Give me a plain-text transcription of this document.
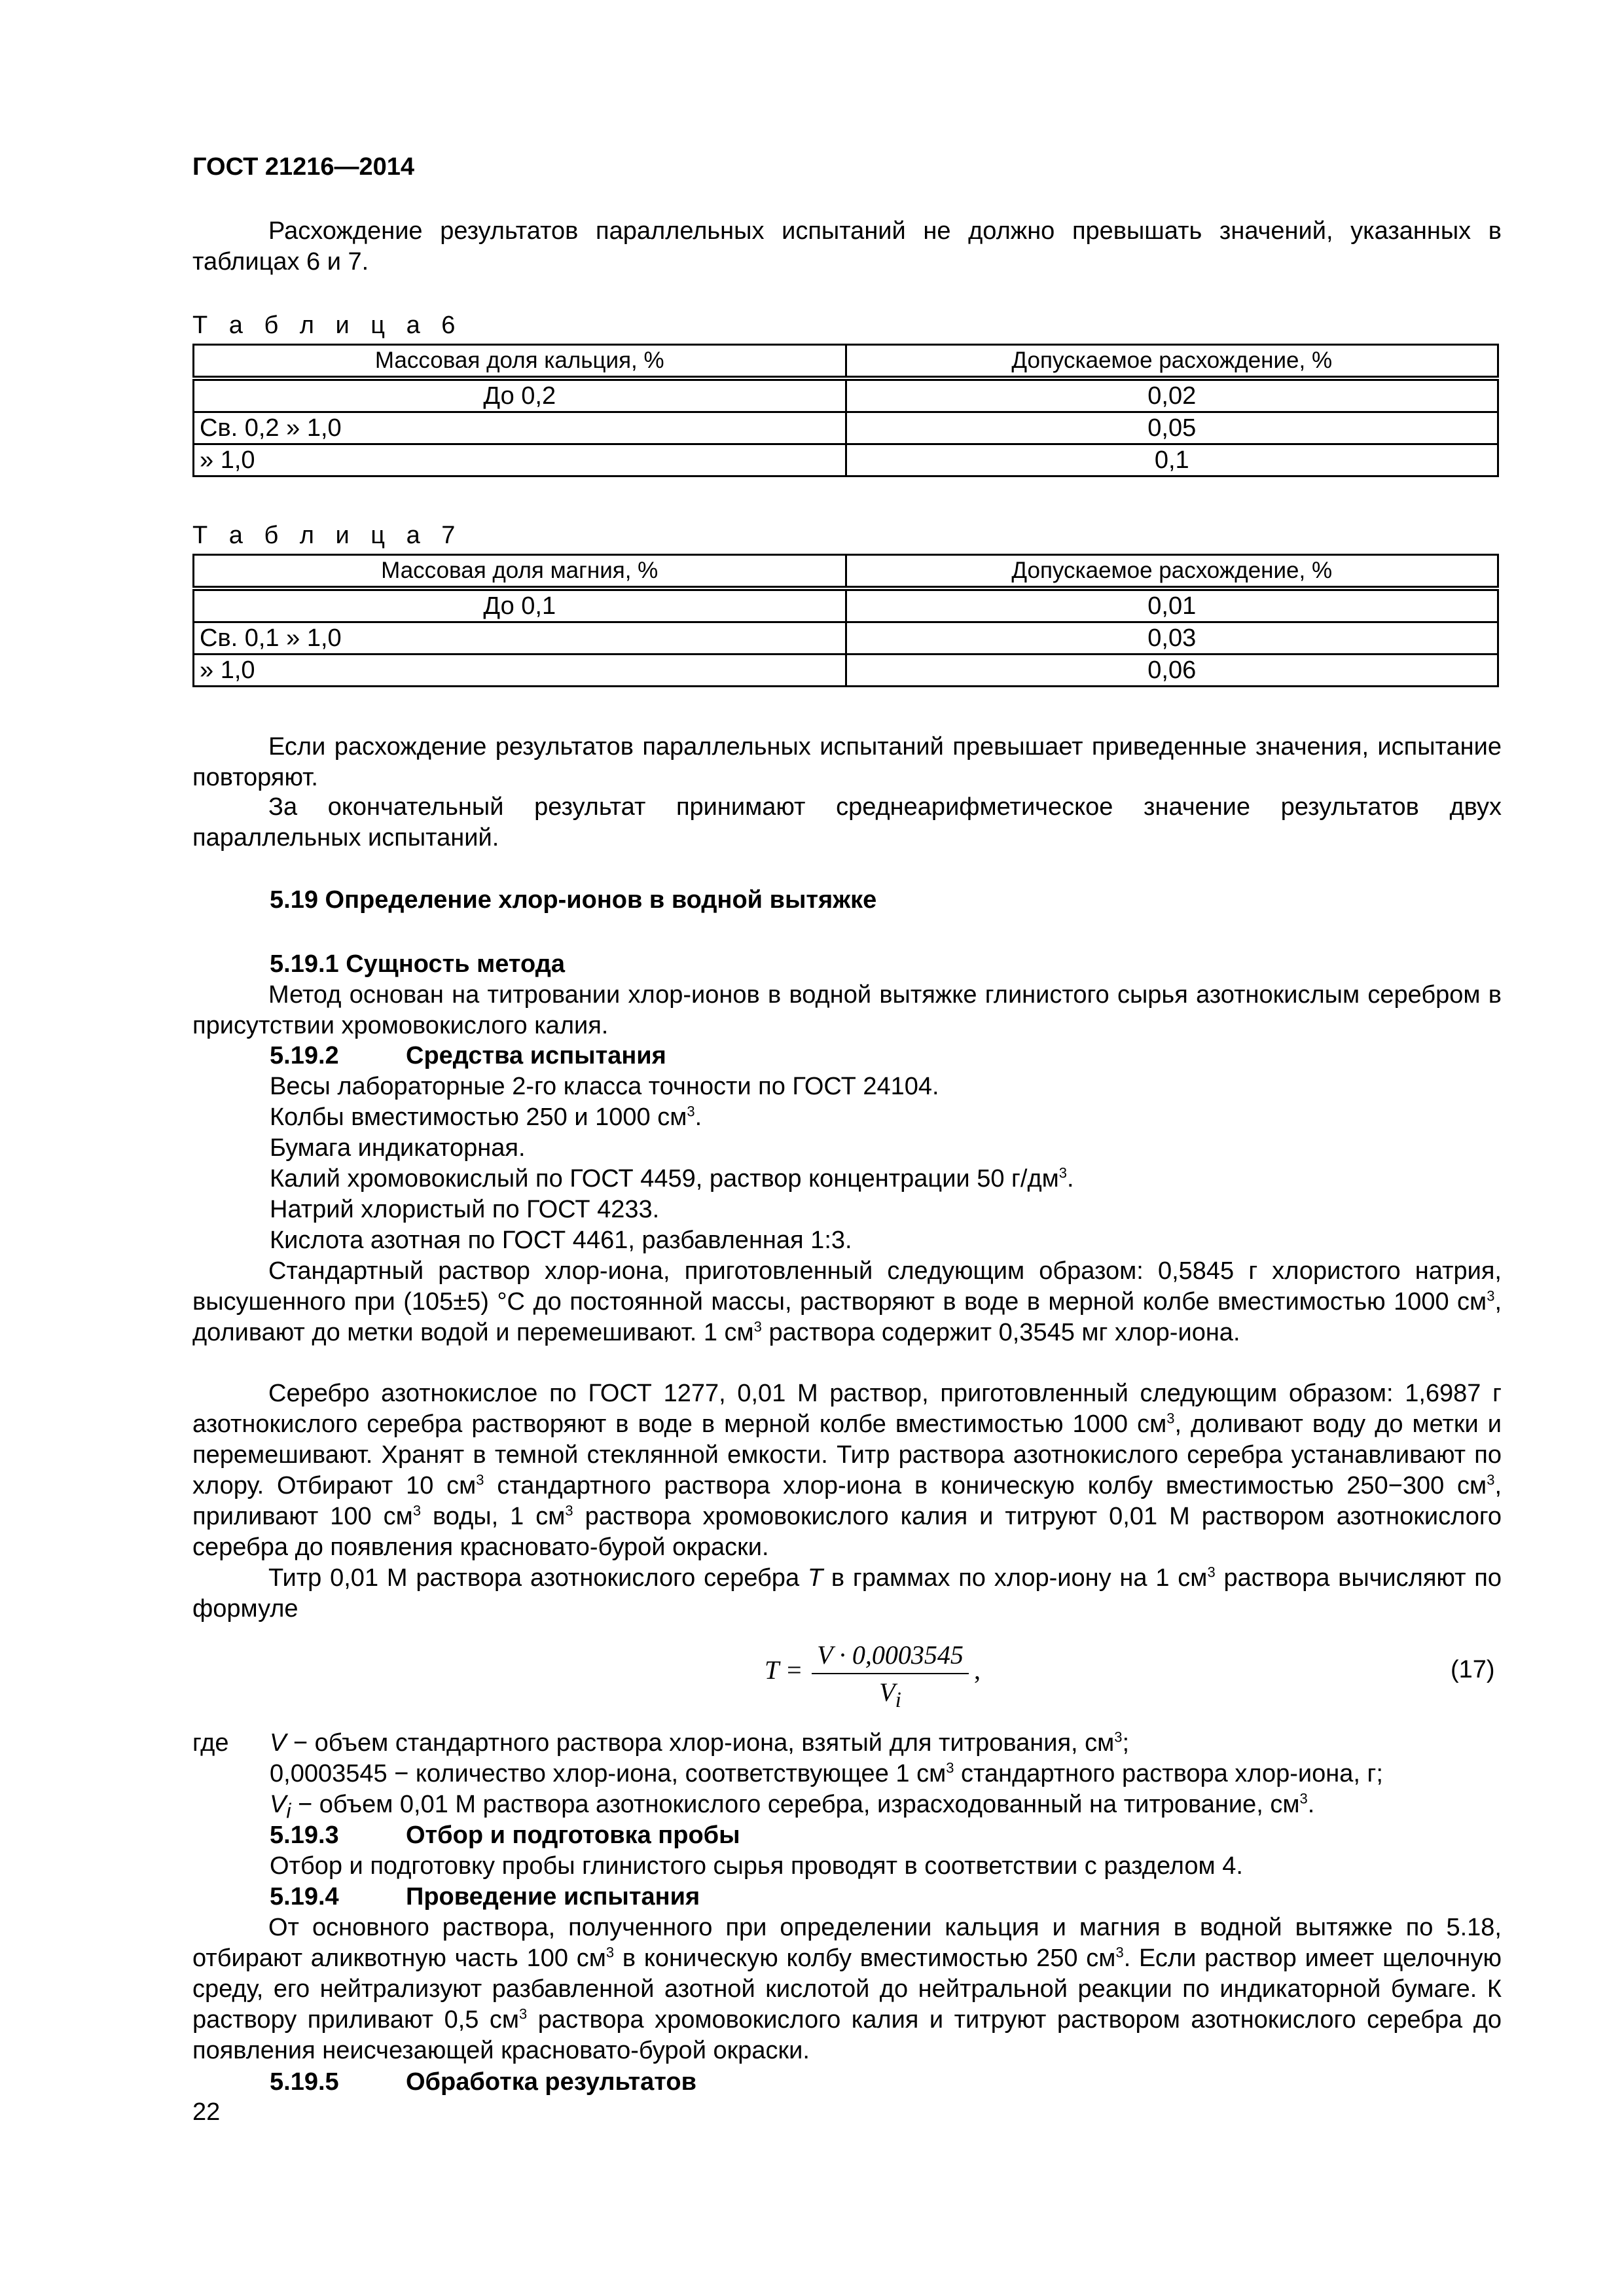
ГОСТ 21216—2014
Расхождение результатов параллельных испытаний не должно превышать значений, указанных в таблицах 6 и 7.
Т а б л и ц а 6
Массовая доля кальция, %	Допускаемое расхождение, %
До 0,2	0,02
Св. 0,2 » 1,0	0,05
» 1,0	0,1
Т а б л и ц а 7
Массовая доля магния, %	Допускаемое расхождение, %
До 0,1	0,01
Св. 0,1 » 1,0	0,03
» 1,0	0,06
Если расхождение результатов параллельных испытаний превышает приведенные значения, испытание повторяют.
За окончательный результат принимают среднеарифметическое значение результатов двух параллельных испытаний.
5.19 Определение хлор-ионов в водной вытяжке
5.19.1 Сущность метода
Метод основан на титровании хлор-ионов в водной вытяжке глинистого сырья азотнокислым серебром в присутствии хромовокислого калия.
5.19.2	Средства испытания
Весы лабораторные 2-го класса точности по ГОСТ 24104.
Колбы вместимостью 250 и 1000 $см^3$.
Бумага индикаторная.
Калий хромовокислый по ГОСТ 4459, раствор концентрации 50 $г/дм^3$.
Натрий хлористый по ГОСТ 4233.
Кислота азотная по ГОСТ 4461, разбавленная 1:3.
Стандартный раствор хлор-иона, приготовленный следующим образом: 0,5845 г хлористого натрия, высушенного при (105±5) °С до постоянной массы, растворяют в воде в мерной колбе вместимостью 1000 $см^3$, доливают до метки водой и перемешивают. 1 $см^3$ раствора содержит 0,3545 мг хлор-иона.
Серебро азотнокислое по ГОСТ 1277, 0,01 М раствор, приготовленный следующим образом: 1,6987 г азотнокислого серебра растворяют в воде в мерной колбе вместимостью 1000 $см^3$, доливают воду до метки и перемешивают. Хранят в темной стеклянной емкости. Титр раствора азотнокислого серебра устанавливают по хлору. Отбирают 10 $см^3$ стандартного раствора хлор-иона в коническую колбу вместимостью 250−300 $см^3$, приливают 100 $см^3$ воды, 1 $см^3$ раствора хромовокислого калия и титруют 0,01 М раствором азотнокислого серебра до появления красновато-бурой окраски.
Титр 0,01 М раствора азотнокислого серебра T в граммах по хлор-иону на 1 $см^3$ раствора вычисляют по формуле
T =
V · 0,0003545
$V_i$
,	(17)
где V − объем стандартного раствора хлор-иона, взятый для титрования, $см^3$;
0,0003545 − количество хлор-иона, соответствующее 1 $см^3$ стандартного раствора хлор-иона, г;
$V_i$ − объем 0,01 М раствора азотнокислого серебра, израсходованный на титрование, $см^3$.
5.19.3	Отбор и подготовка пробы
Отбор и подготовку пробы глинистого сырья проводят в соответствии с разделом 4.
5.19.4	Проведение испытания
От основного раствора, полученного при определении кальция и магния в водной вытяжке по 5.18, отбирают аликвотную часть 100 $см^3$ в коническую колбу вместимостью 250 $см^3$. Если раствор имеет щелочную среду, его нейтрализуют разбавленной азотной кислотой до нейтральной реакции по индикаторной бумаге. К раствору приливают 0,5 $см^3$ раствора хромовокислого калия и титруют раствором азотнокислого серебра до появления неисчезающей красновато-бурой окраски.
5.19.5	Обработка результатов
22
